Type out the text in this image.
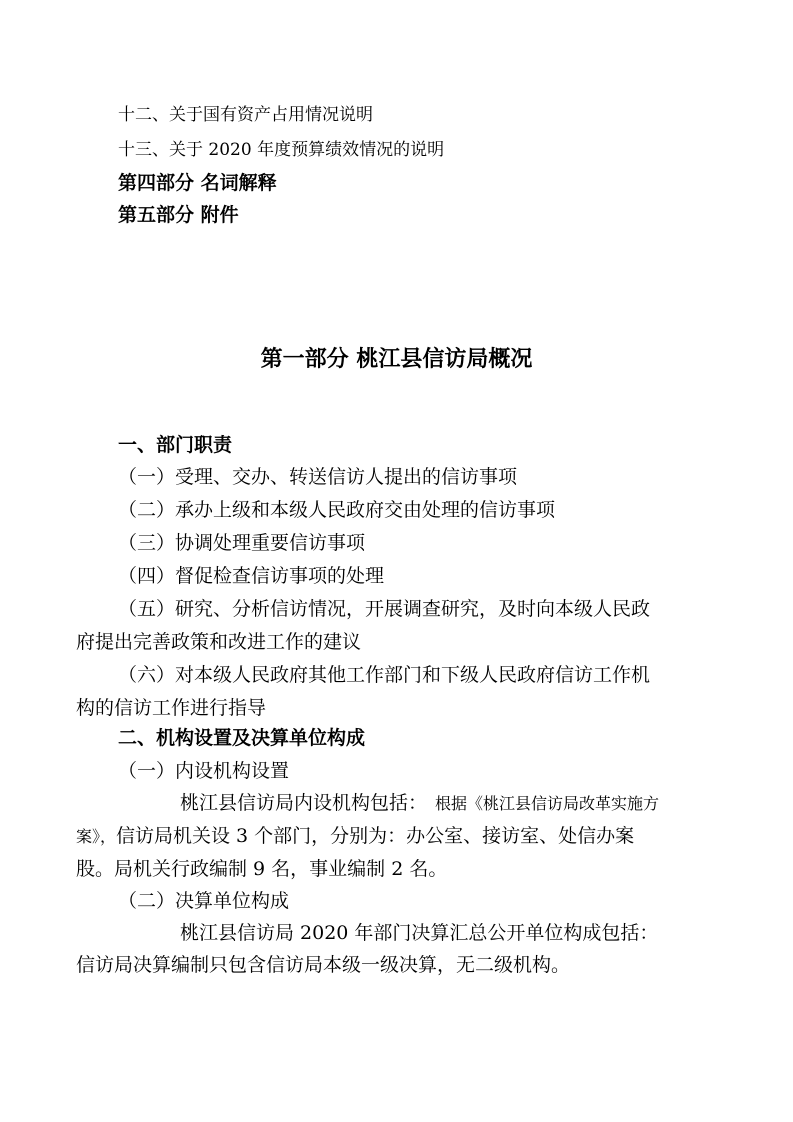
十二、关于国有资产占用情况说明
十三、关于 2020 年度预算绩效情况的说明
第四部分 名词解释
第五部分 附件
第一部分 桃江县信访局概况
一、部门职责
（一）受理、交办、转送信访人提出的信访事项
（二）承办上级和本级人民政府交由处理的信访事项
（三）协调处理重要信访事项
（四）督促检查信访事项的处理
（五）研究、分析信访情况，开展调查研究，及时向本级人民政
府提出完善政策和改进工作的建议
（六）对本级人民政府其他工作部门和下级人民政府信访工作机
构的信访工作进行指导
二、机构设置及决算单位构成
（一）内设机构设置
桃江县信访局内设机构包括： 根据《桃江县信访局改革实施方
案》，信访局机关设 3 个部门，分别为：办公室、接访室、处信办案
股。局机关行政编制 9 名，事业编制 2 名。
（二）决算单位构成
桃江县信访局 2020 年部门决算汇总公开单位构成包括：
信访局决算编制只包含信访局本级一级决算，无二级机构。
